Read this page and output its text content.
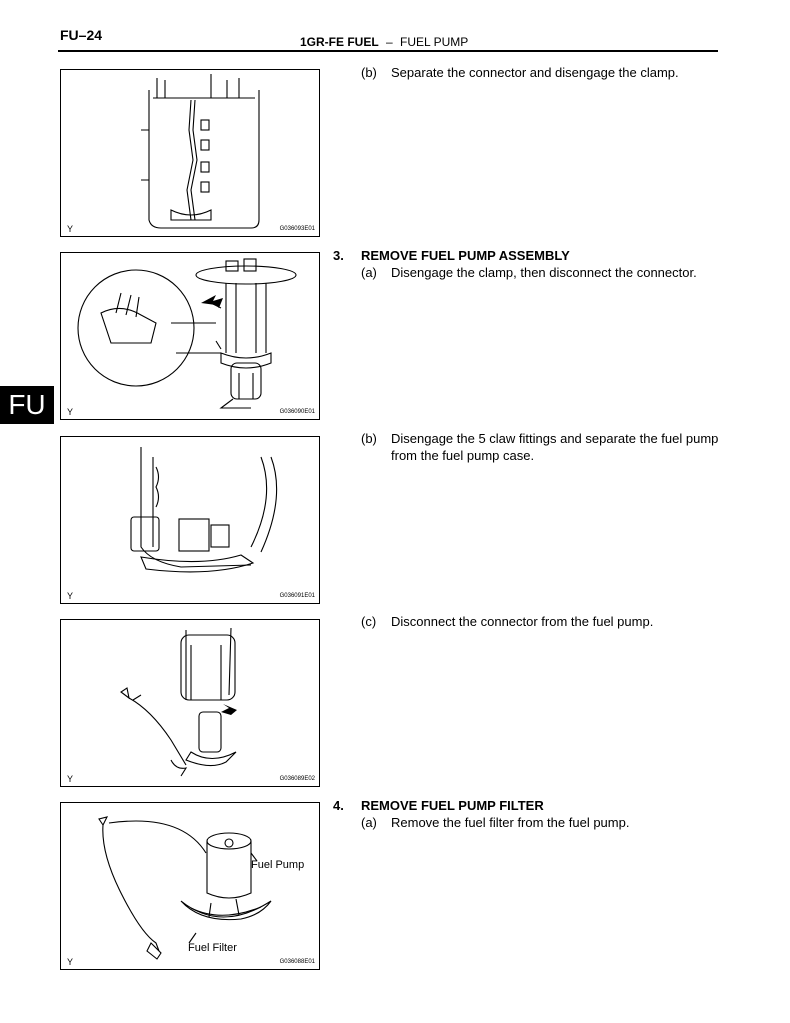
FU–24	1GR-FE FUEL – FUEL PUMP
FU
G036093E01
Y
G036090E01
Y
G036091E01
Y
G036089E02
Y
Fuel Pump
Fuel Filter
G036088E01
Y
(b) Separate the connector and disengage the clamp.
3. REMOVE FUEL PUMP ASSEMBLY
(a) Disengage the clamp, then disconnect the connector.
(b) Disengage the 5 claw fittings and separate the fuel pump from the fuel pump case.
(c) Disconnect the connector from the fuel pump.
4. REMOVE FUEL PUMP FILTER
(a) Remove the fuel filter from the fuel pump.
